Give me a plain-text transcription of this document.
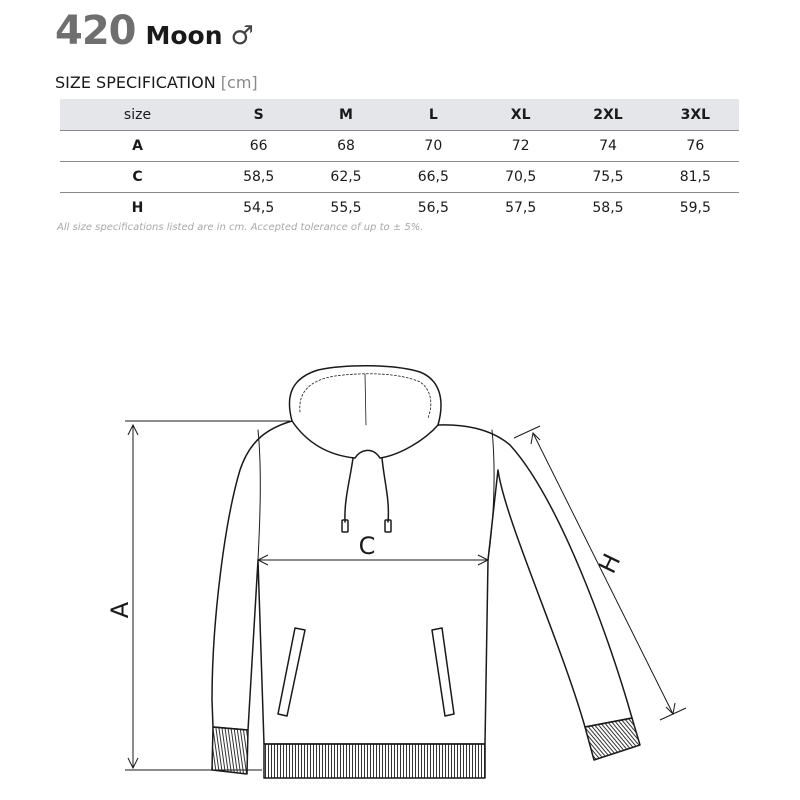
420 Moon ♂
SIZE SPECIFICATION [cm]
size	S	M	L	XL	2XL	3XL
A	66	68	70	72	74	76
C	58,5	62,5	66,5	70,5	75,5	81,5
H	54,5	55,5	56,5	57,5	58,5	59,5
All size specifications listed are in cm. Accepted tolerance of up to ± 5%.
A
C
H
